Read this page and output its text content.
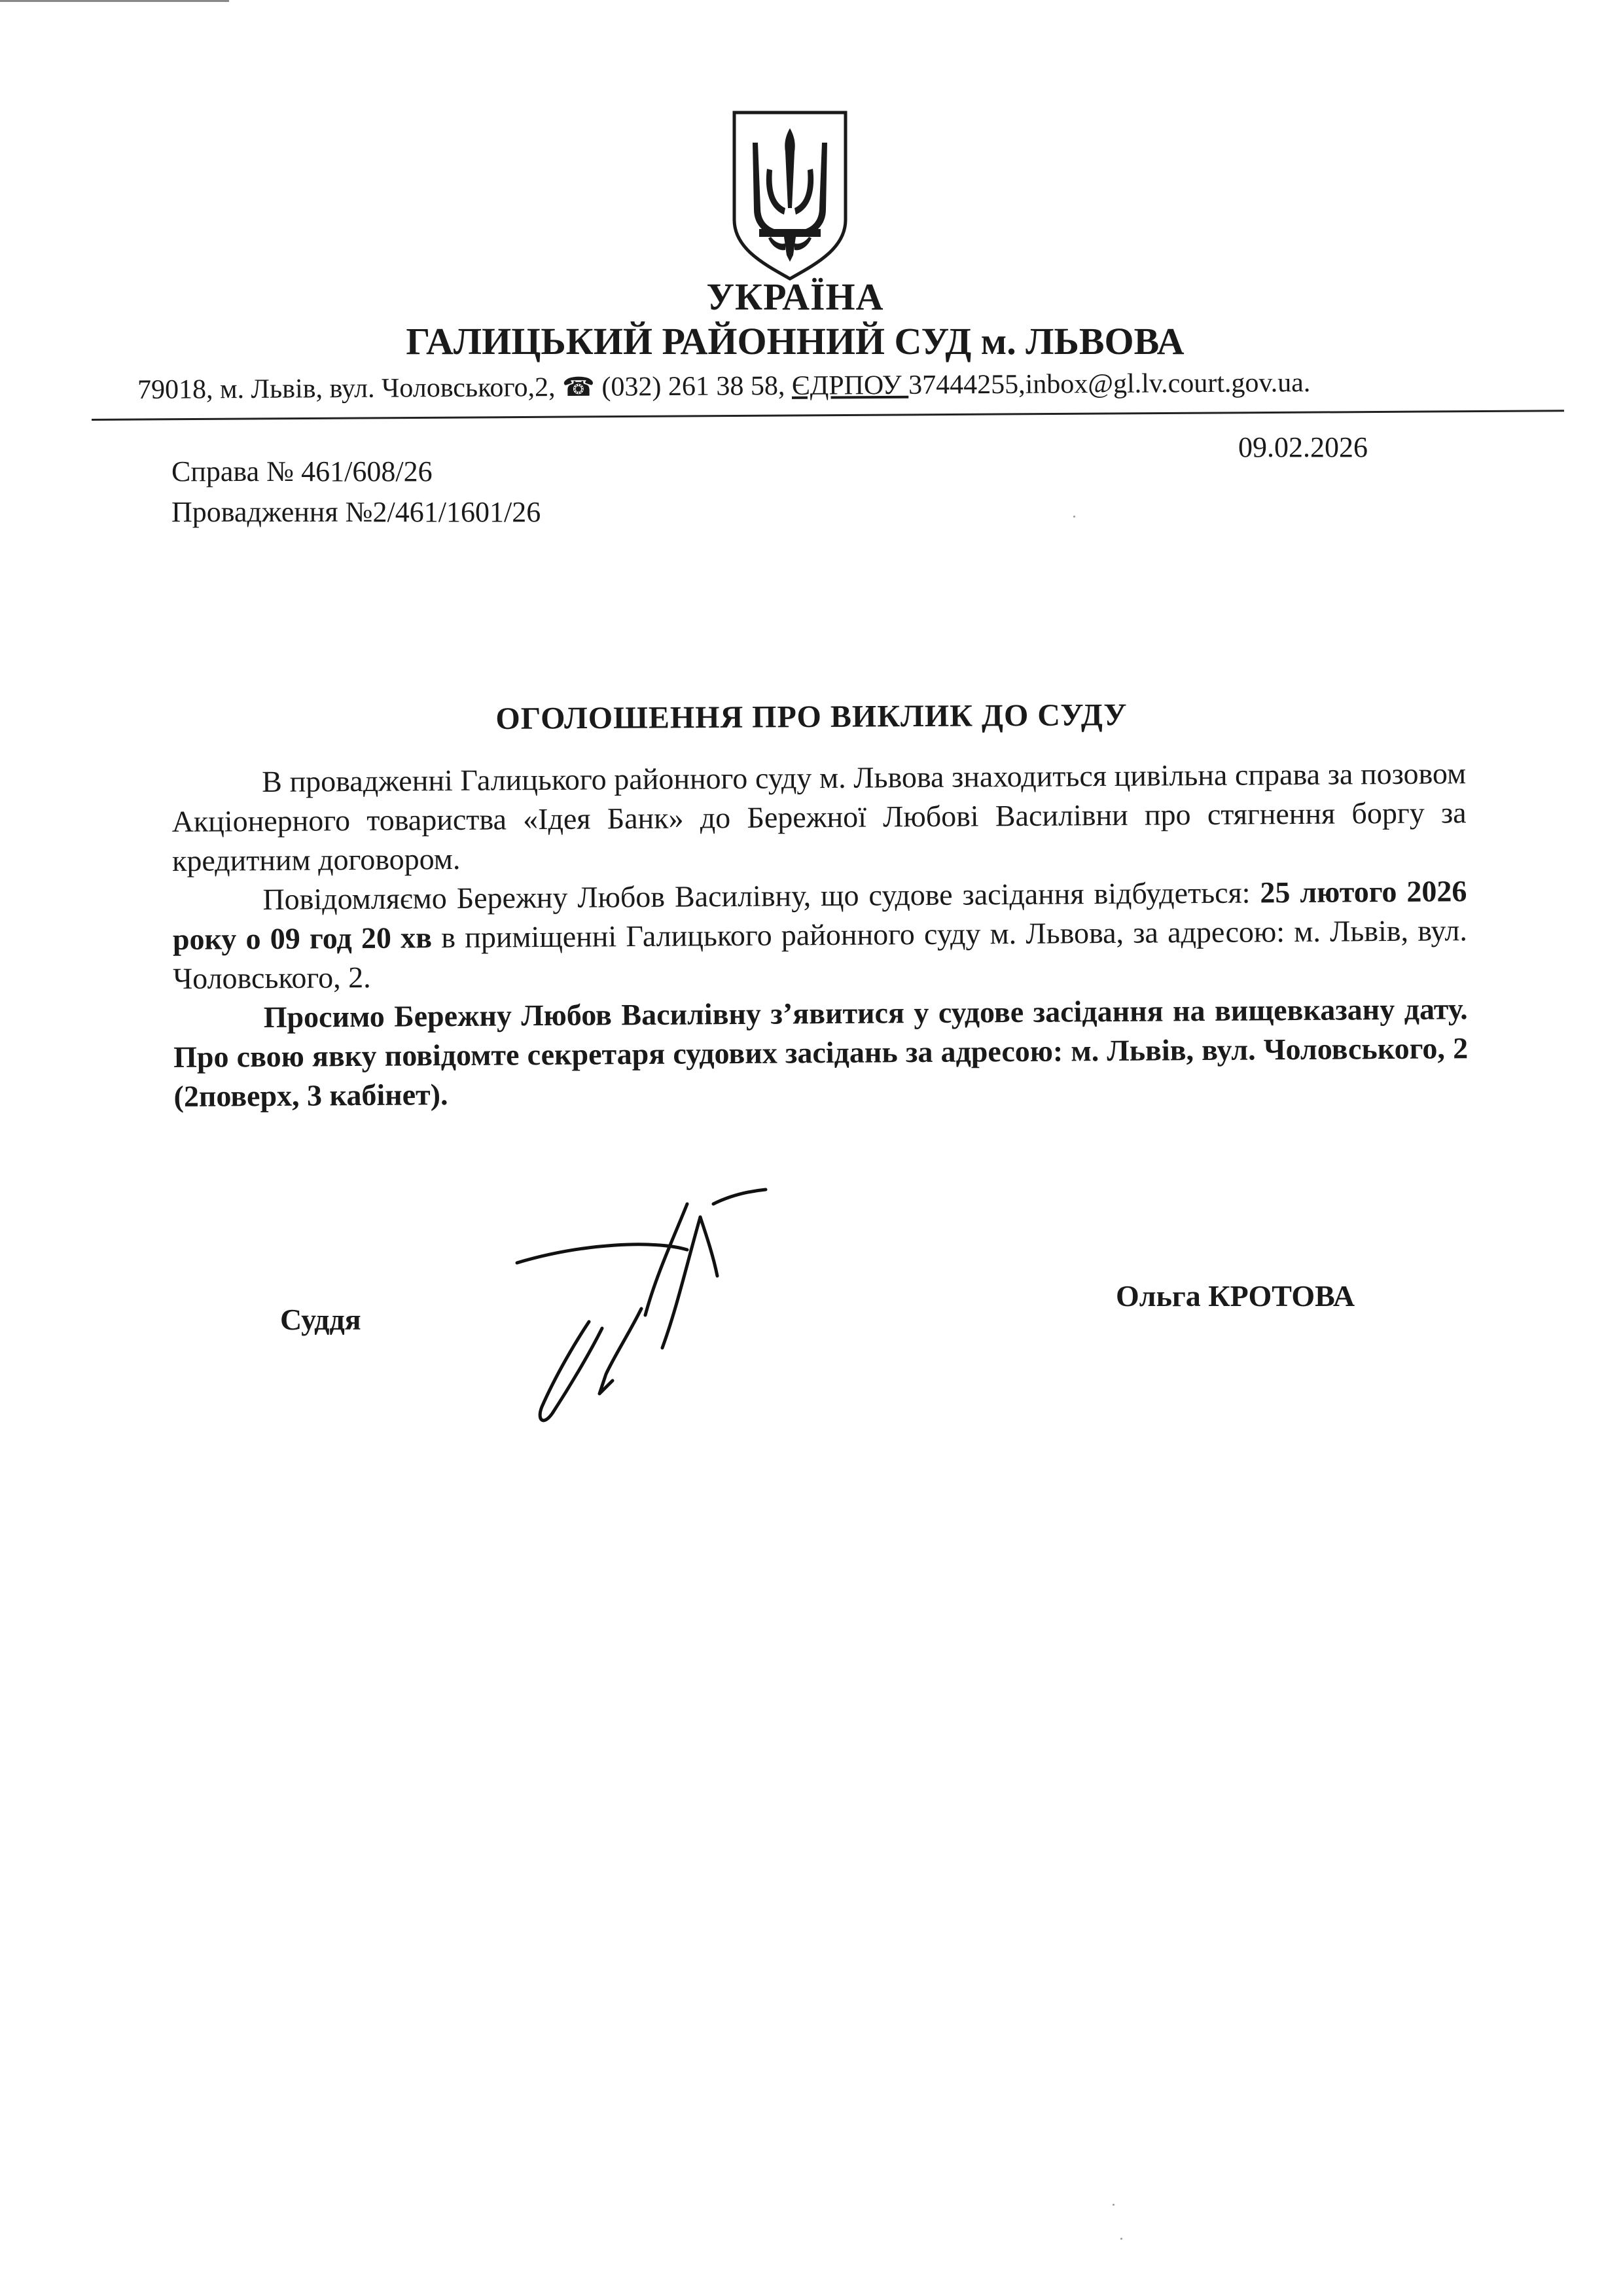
УКРАЇНА
ГАЛИЦЬКИЙ РАЙОННИЙ СУД м. ЛЬВОВА
79018, м. Львів, вул. Чоловського,2, ☎ (032) 261 38 58, ЄДРПОУ 37444255,inbox@gl.lv.court.gov.ua.
09.02.2026
Справа № 461/608/26
Провадження №2/461/1601/26
ОГОЛОШЕННЯ ПРО ВИКЛИК ДО СУДУ

В провадженні Галицького районного суду м. Львова знаходиться цивільна справа за позовом Акціонерного товариства «Ідея Банк» до Бережної Любові Василівни про стягнення боргу за кредитним договором.

Повідомляємо Бережну Любов Василівну, що судове засідання відбудеться: 25 лютого 2026 року о 09 год 20 хв в приміщенні Галицького районного суду м. Львова, за адресою: м. Львів, вул. Чоловського, 2.

Просимо Бережну Любов Василівну з’явитися у судове засідання на вищевказану дату. Про свою явку повідомте секретаря судових засідань за адресою: м. Львів, вул. Чоловського, 2 (2поверх, 3 кабінет).

Суддя
Ольга КРОТОВА
